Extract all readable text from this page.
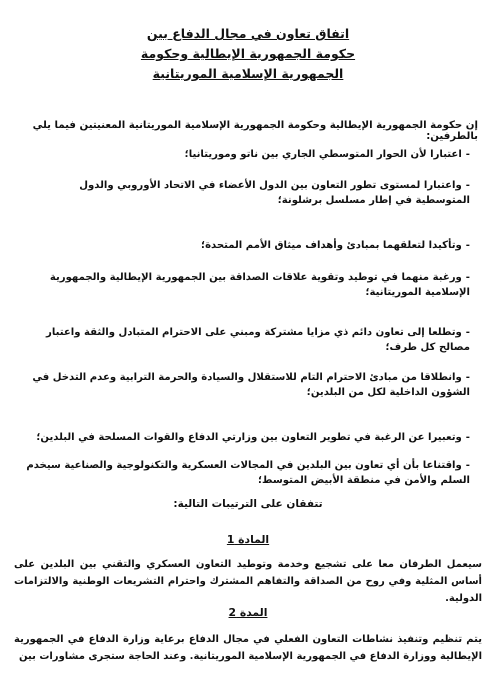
اتفاق تعاون في مجال الدفاع بين
حكومة الجمهورية الإيطالية وحكومة
الجمهورية الإسلامية الموريتانية
إن حكومة الجمهورية الإيطالية وحكومة الجمهورية الإسلامية الموريتانية المعنيتين فيما يلي بالطرفين:
-اعتبارا لأن الحوار المتوسطي الجاري بين ناتو وموريتانيا؛
-واعتبارا لمستوى تطور التعاون بين الدول الأعضاء في الاتحاد الأوروبي والدول المتوسطية في إطار مسلسل برشلونة؛
-وتأكيدا لتعلقهما بمبادئ وأهداف ميثاق الأمم المتحدة؛
-ورغبة منهما في توطيد وتقوية علاقات الصداقة بين الجمهورية الإيطالية والجمهورية الإسلامية الموريتانية؛
-وتطلعا إلى تعاون دائم ذي مزايا مشتركة ومبني على الاحترام المتبادل والثقة واعتبار مصالح كل طرف؛
-وانطلاقا من مبادئ الاحترام التام للاستقلال والسيادة والحرمة الترابية وعدم التدخل في الشؤون الداخلية لكل من البلدين؛
-وتعبيرا عن الرغبة في تطوير التعاون بين وزارتي الدفاع والقوات المسلحة في البلدين؛
-واقتناعا بأن أي تعاون بين البلدين في المجالات العسكرية والتكنولوجية والصناعية سيخدم السلم والأمن في منطقة الأبيض المتوسط؛
تتفقان على الترتيبات التالية:
المادة 1
سيعمل الطرفان معا على تشجيع وخدمة وتوطيد التعاون العسكري والتقني بين البلدين على أساس المثلية وفي روح من الصداقة والتفاهم المشترك واحترام التشريعات الوطنية والالتزامات الدولية.
المدة 2
يتم تنظيم وتنفيذ نشاطات التعاون الفعلي في مجال الدفاع برعاية وزارة الدفاع في الجمهورية الإيطالية ووزارة الدفاع في الجمهورية الإسلامية الموريتانية. وعند الحاجة ستجرى مشاورات بين
